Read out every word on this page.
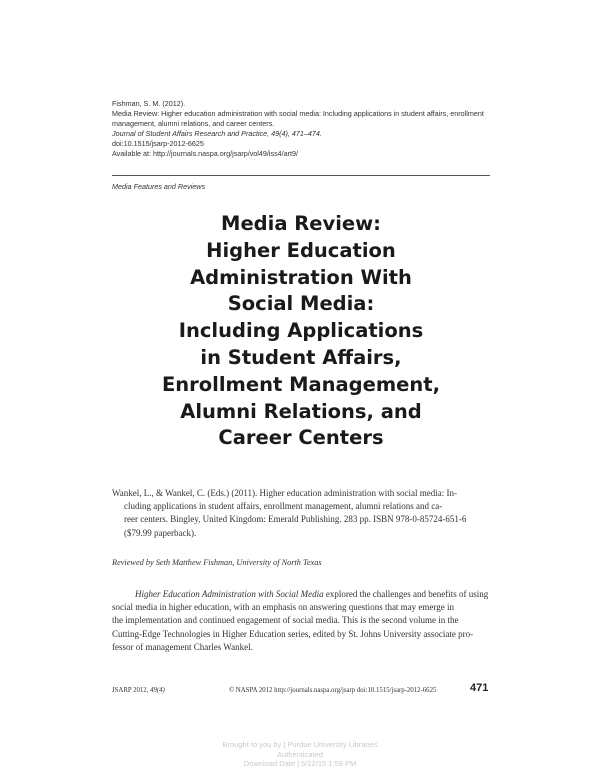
Fishman, S. M. (2012).
Media Review: Higher education administration with social media: Including applications in student affairs, enrollment management, alumni relations, and career centers.
Journal of Student Affairs Research and Practice, 49(4), 471–474.
doi:10.1515/jsarp-2012-6625
Available at: http://journals.naspa.org/jsarp/vol49/iss4/art9/
Media Features and Reviews
Media Review:
Higher Education
Administration With
Social Media:
Including Applications
in Student Affairs,
Enrollment Management,
Alumni Relations, and
Career Centers
Wankel, L., & Wankel, C. (Eds.) (2011). Higher education administration with social media: In-
cluding applications in student affairs, enrollment management, alumni relations and ca-
reer centers. Bingley, United Kingdom: Emerald Publishing. 283 pp. ISBN 978-0-85724-651-6
($79.99 paperback).
Reviewed by Seth Matthew Fishman, University of North Texas
Higher Education Administration with Social Media explored the challenges and benefits of using
social media in higher education, with an emphasis on answering questions that may emerge in
the implementation and continued engagement of social media. This is the second volume in the
Cutting-Edge Technologies in Higher Education series, edited by St. Johns University associate pro-
fessor of management Charles Wankel.
JSARP 2012, 49(4)	© NASPA 2012 http://journals.naspa.org/jsarp doi:10.1515/jsarp-2012-6625	471
Brought to you by | Purdue University Libraries
Authenticated
Download Date | 5/22/15 1:59 PM
